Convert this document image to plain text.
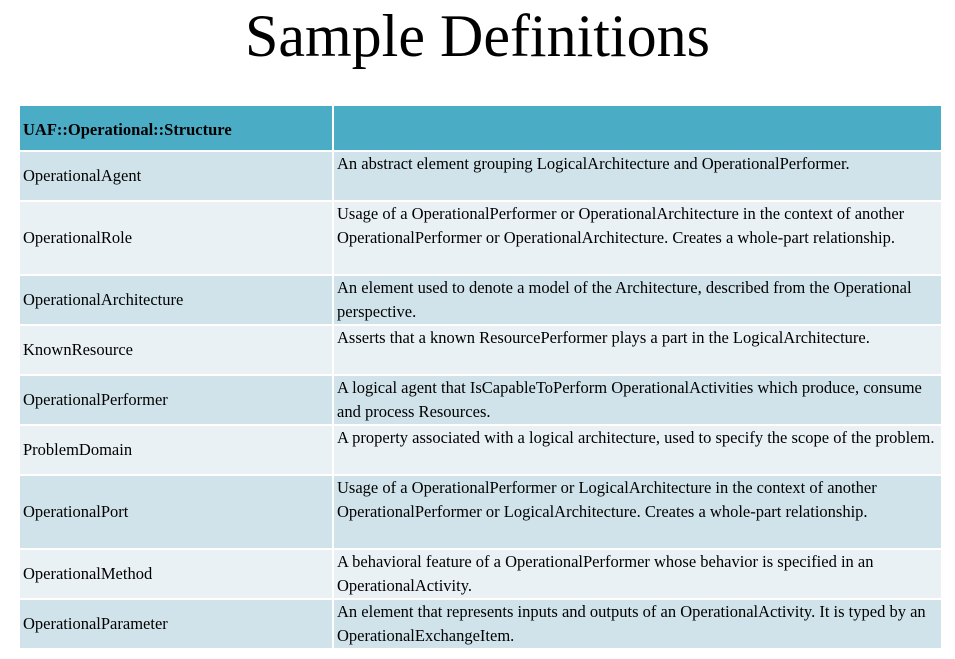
Sample Definitions
UAF::Operational::Structure	
OperationalAgent	An abstract element grouping LogicalArchitecture and OperationalPerformer.
OperationalRole	Usage of a OperationalPerformer or OperationalArchitecture in the context of another OperationalPerformer or OperationalArchitecture. Creates a whole-part relationship.
OperationalArchitecture	An element used to denote a model of the Architecture, described from the Operational perspective.
KnownResource	Asserts that a known ResourcePerformer plays a part in the LogicalArchitecture.
OperationalPerformer	A logical agent that IsCapableToPerform OperationalActivities which produce, consume and process Resources.
ProblemDomain	A property associated with a logical architecture, used to specify the scope of the problem.
OperationalPort	Usage of a OperationalPerformer or LogicalArchitecture in the context of another OperationalPerformer or LogicalArchitecture. Creates a whole-part relationship.
OperationalMethod	A behavioral feature of a OperationalPerformer whose behavior is specified in an OperationalActivity.
OperationalParameter	An element that represents inputs and outputs of an OperationalActivity. It is typed by an OperationalExchangeItem.
